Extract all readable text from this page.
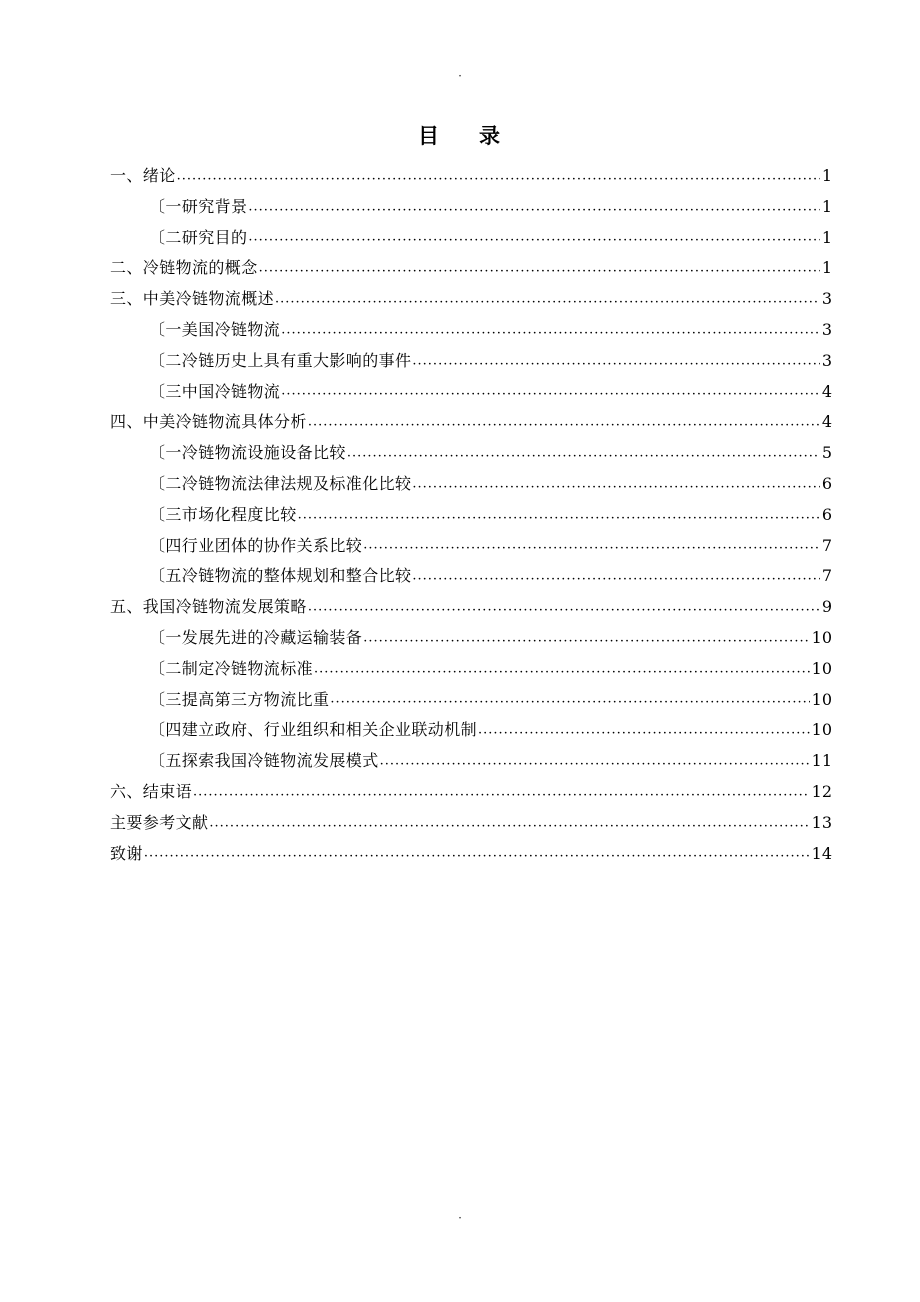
·
目 录
一、绪论 ·····	1
〔一研究背景 ·····	1
〔二研究目的 ·····	1
二、冷链物流的概念 ·····	1
三、中美冷链物流概述 ·····	3
〔一美国冷链物流 ·····	3
〔二冷链历史上具有重大影响的事件 ·····	3
〔三中国冷链物流 ·····	4
四、中美冷链物流具体分析 ·····	4
〔一冷链物流设施设备比较 ·····	5
〔二冷链物流法律法规及标准化比较 ·····	6
〔三市场化程度比较 ·····	6
〔四行业团体的协作关系比较 ·····	7
〔五冷链物流的整体规划和整合比较 ·····	7
五、我国冷链物流发展策略 ·····	9
〔一发展先进的冷藏运输装备 ·····	10
〔二制定冷链物流标准 ·····	10
〔三提高第三方物流比重 ·····	10
〔四建立政府、行业组织和相关企业联动机制 ·····	10
〔五探索我国冷链物流发展模式 ·····	11
六、结束语 ·····	12
主要参考文献 ·····	13
致谢 ·····	14
·
